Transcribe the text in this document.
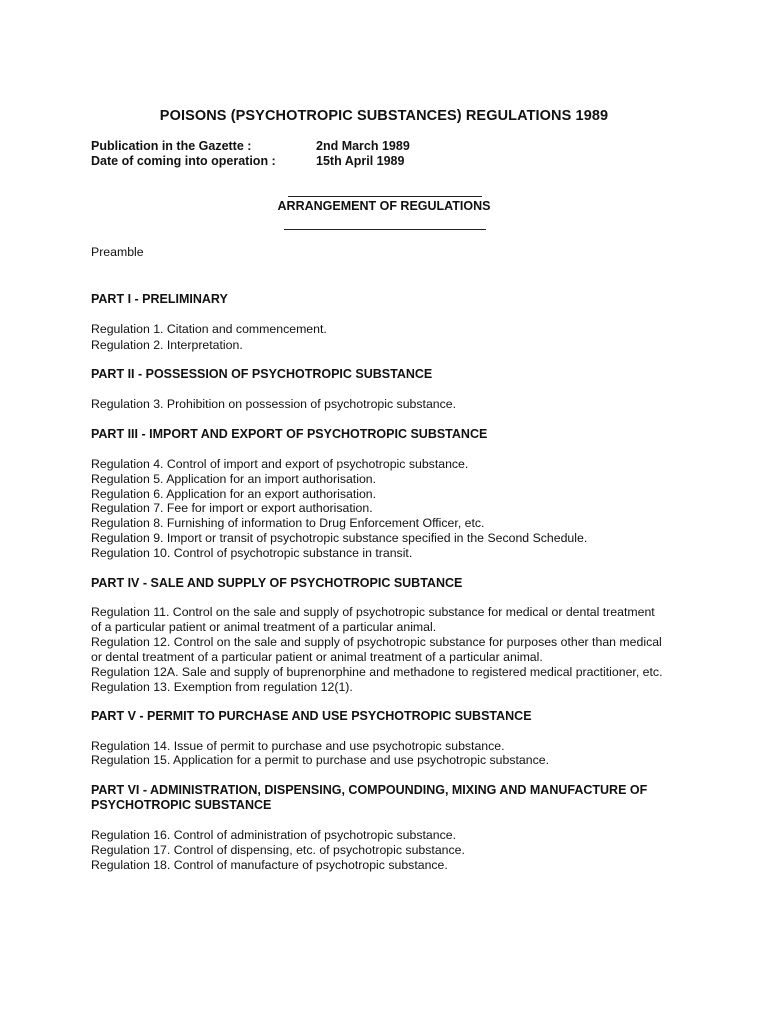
POISONS (PSYCHOTROPIC SUBSTANCES) REGULATIONS 1989
Publication in the Gazette :	2nd March 1989
Date of coming into operation :	15th April 1989
ARRANGEMENT OF REGULATIONS
Preamble
PART I - PRELIMINARY
Regulation 1. Citation and commencement.
Regulation 2. Interpretation.
PART II - POSSESSION OF PSYCHOTROPIC SUBSTANCE
Regulation 3. Prohibition on possession of psychotropic substance.
PART III - IMPORT AND EXPORT OF PSYCHOTROPIC SUBSTANCE
Regulation 4. Control of import and export of psychotropic substance.
Regulation 5. Application for an import authorisation.
Regulation 6. Application for an export authorisation.
Regulation 7. Fee for import or export authorisation.
Regulation 8. Furnishing of information to Drug Enforcement Officer, etc.
Regulation 9. Import or transit of psychotropic substance specified in the Second Schedule.
Regulation 10. Control of psychotropic substance in transit.
PART IV - SALE AND SUPPLY OF PSYCHOTROPIC SUBTANCE
Regulation 11. Control on the sale and supply of psychotropic substance for medical or dental treatment
of a particular patient or animal treatment of a particular animal.
Regulation 12. Control on the sale and supply of psychotropic substance for purposes other than medical
or dental treatment of a particular patient or animal treatment of a particular animal.
Regulation 12A. Sale and supply of buprenorphine and methadone to registered medical practitioner, etc.
Regulation 13. Exemption from regulation 12(1).
PART V - PERMIT TO PURCHASE AND USE PSYCHOTROPIC SUBSTANCE
Regulation 14. Issue of permit to purchase and use psychotropic substance.
Regulation 15. Application for a permit to purchase and use psychotropic substance.
PART VI - ADMINISTRATION, DISPENSING, COMPOUNDING, MIXING AND MANUFACTURE OF
PSYCHOTROPIC SUBSTANCE
Regulation 16. Control of administration of psychotropic substance.
Regulation 17. Control of dispensing, etc. of psychotropic substance.
Regulation 18. Control of manufacture of psychotropic substance.
